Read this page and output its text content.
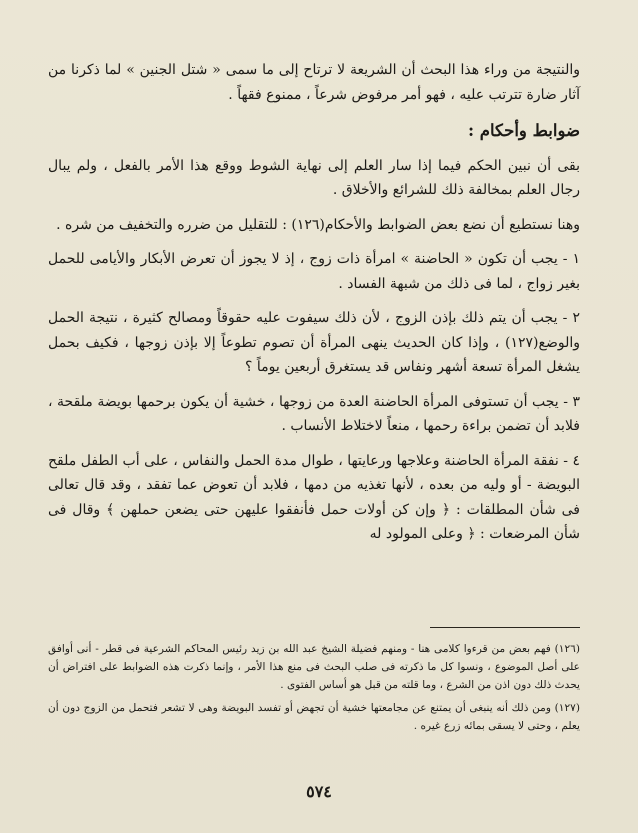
والنتيجة من وراء هذا البحث أن الشريعة لا ترتاح إلى ما سمى « شتل الجنين » لما ذكرنا من آثار ضارة تترتب عليه ، فهو أمر مرفوض شرعاً ، ممنوع فقهاً .

ضوابط وأحكام :

بقى أن نبين الحكم فيما إذا سار العلم إلى نهاية الشوط ووقع هذا الأمر بالفعل ، ولم يبال رجال العلم بمخالفة ذلك للشرائع والأخلاق .

وهنا نستطيع أن نضع بعض الضوابط والأحكام(١٢٦) : للتقليل من ضرره والتخفيف من شره .

١ - يجب أن تكون « الحاضنة » امرأة ذات زوج ، إذ لا يجوز أن تعرض الأبكار والأيامى للحمل بغير زواج ، لما فى ذلك من شبهة الفساد .

٢ - يجب أن يتم ذلك بإذن الزوج ، لأن ذلك سيفوت عليه حقوقاً ومصالح كثيرة ، نتيجة الحمل والوضع(١٢٧) ، وإذا كان الحديث ينهى المرأة أن تصوم تطوعاً إلا بإذن زوجها ، فكيف بحمل يشغل المرأة تسعة أشهر ونفاس قد يستغرق أربعين يوماً ؟

٣ - يجب أن تستوفى المرأة الحاضنة العدة من زوجها ، خشية أن يكون برحمها بويضة ملقحة ، فلابد أن تضمن براءة رحمها ، منعاً لاختلاط الأنساب .

٤ - نفقة المرأة الحاضنة وعلاجها ورعايتها ، طوال مدة الحمل والنفاس ، على أب الطفل ملقح البويضة - أو وليه من بعده ، لأنها تغذيه من دمها ، فلابد أن تعوض عما تفقد ، وقد قال تعالى فى شأن المطلقات : ﴿ وإن كن أولات حمل فأنفقوا عليهن حتى يضعن حملهن ﴾ وقال فى شأن المرضعات : ﴿ وعلى المولود له

(١٢٦) فهم بعض من قرءوا كلامى هنا - ومنهم فضيلة الشيخ عبد الله بن زيد رئيس المحاكم الشرعية فى قطر - أنى أوافق على أصل الموضوع ، ونسوا كل ما ذكرته فى صلب البحث فى منع هذا الأمر ، وإنما ذكرت هذه الضوابط على افتراض أن يحدث ذلك دون اذن من الشرع ، وما قلته من قبل هو أساس الفتوى .

(١٢٧) ومن ذلك أنه ينبغى أن يمتنع عن مجامعتها خشية أن تجهض أو تفسد البويضة وهى لا تشعر فتحمل من الزوج دون أن يعلم ، وحتى لا يسقى بمائه زرع غيره .

٥٧٤
